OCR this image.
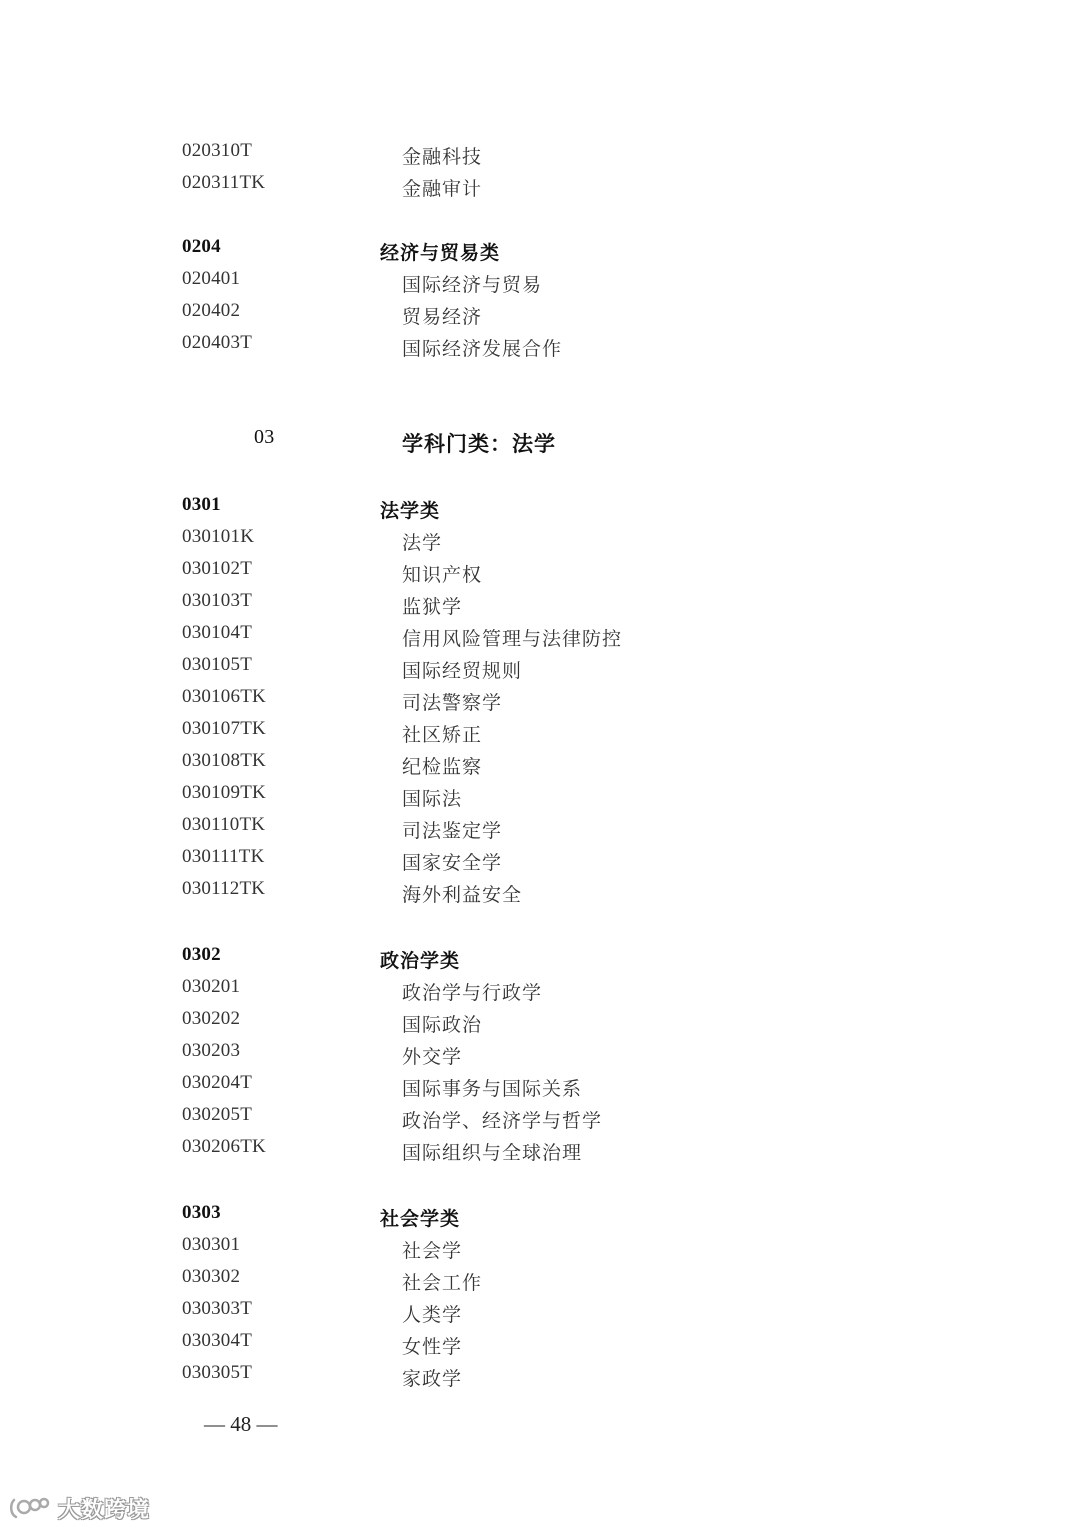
020310T	金融科技
020311TK	金融审计
0204	经济与贸易类
020401	国际经济与贸易
020402	贸易经济
020403T	国际经济发展合作
03	学科门类：法学
0301	法学类
030101K	法学
030102T	知识产权
030103T	监狱学
030104T	信用风险管理与法律防控
030105T	国际经贸规则
030106TK	司法警察学
030107TK	社区矫正
030108TK	纪检监察
030109TK	国际法
030110TK	司法鉴定学
030111TK	国家安全学
030112TK	海外利益安全
0302	政治学类
030201	政治学与行政学
030202	国际政治
030203	外交学
030204T	国际事务与国际关系
030205T	政治学、经济学与哲学
030206TK	国际组织与全球治理
0303	社会学类
030301	社会学
030302	社会工作
030303T	人类学
030304T	女性学
030305T	家政学
— 48 —
大数跨境
